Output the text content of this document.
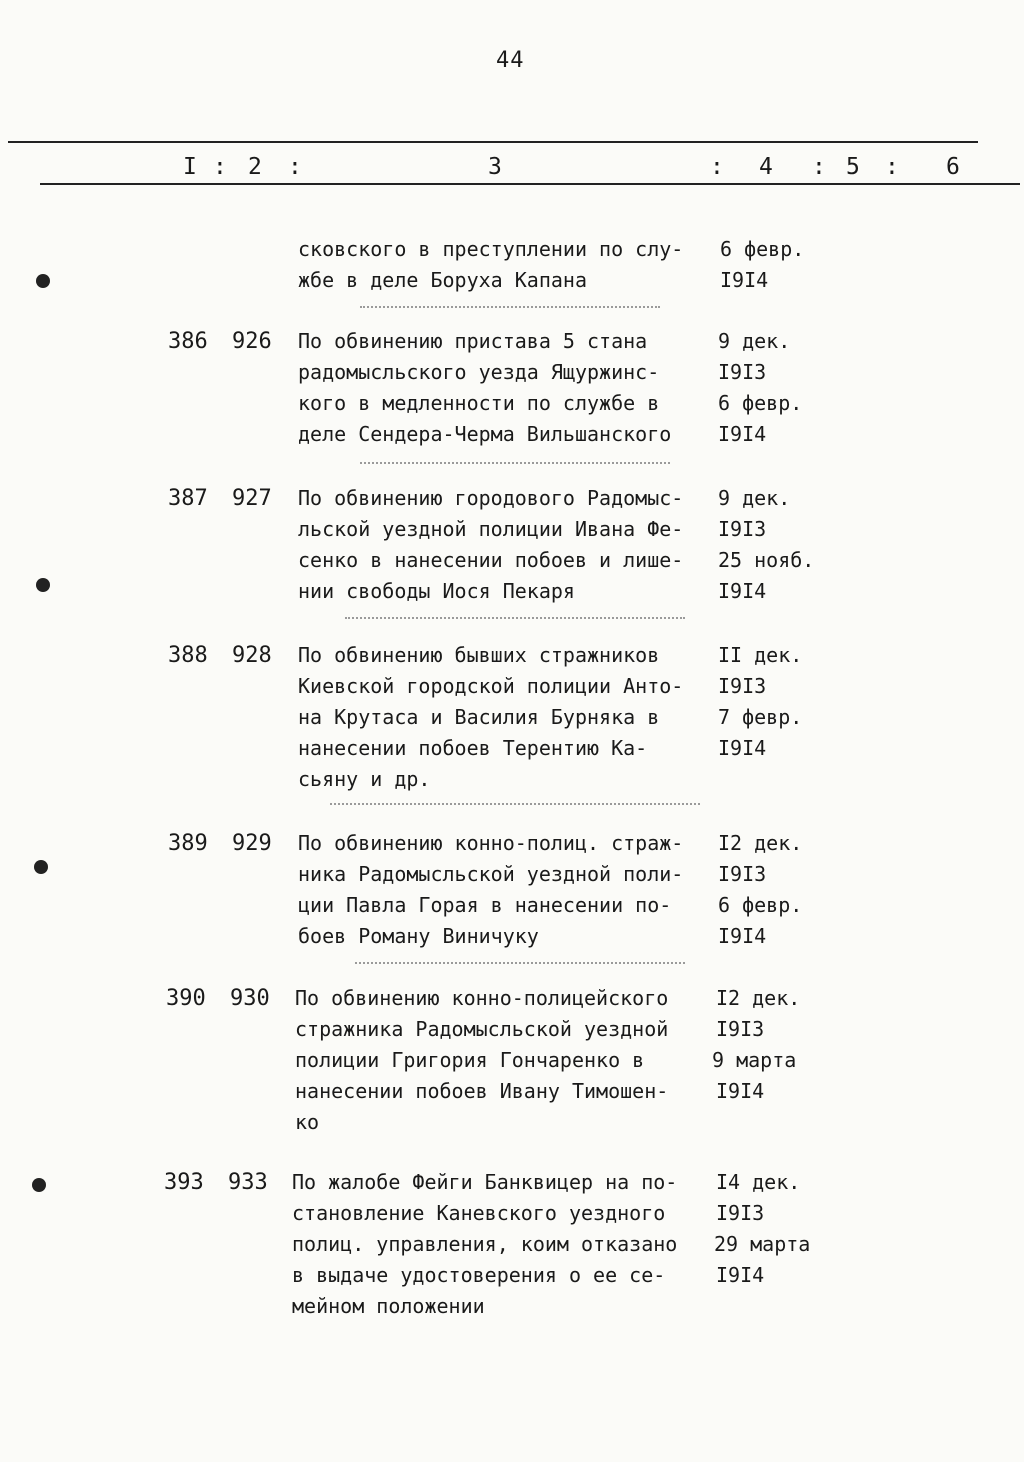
44
I : 2 :	3	: 4 : 5 : 6
сковского в преступлении по слу-
жбе в деле Боруха Капана
6 февр.
I9I4
386 926 По обвинению пристава 5 стана
радомысльского уезда Ящуржинс-
кого в медленности по службе в
деле Сендера-Черма Вильшанского
9 дек.
I9I3
6 февр.
I9I4
387 927 По обвинению городового Радомыс-
льской уездной полиции Ивана Фе-
сенко в нанесении побоев и лише-
нии свободы Иося Пекаря
9 дек.
I9I3
25 нояб.
I9I4
388 928 По обвинению бывших стражников
Киевской городской полиции Анто-
на Крутаса и Василия Бурняка в
нанесении побоев Терентию Ка-
сьяну и др.
II дек.
I9I3
7 февр.
I9I4
389 929 По обвинению конно-полиц. страж-
ника Радомысльской уездной поли-
ции Павла Горая в нанесении по-
боев Роману Виничуку
I2 дек.
I9I3
6 февр.
I9I4
390 930 По обвинению конно-полицейского
стражника Радомысльской уездной
полиции Григория Гончаренко в
нанесении побоев Ивану Тимошен-
ко
I2 дек.
I9I3
9 марта
I9I4
393 933 По жалобе Фейги Банквицер на по-
становление Каневского уездного
полиц. управления, коим отказано
в выдаче удостоверения о ее се-
мейном положении
I4 дек.
I9I3
29 марта
I9I4
